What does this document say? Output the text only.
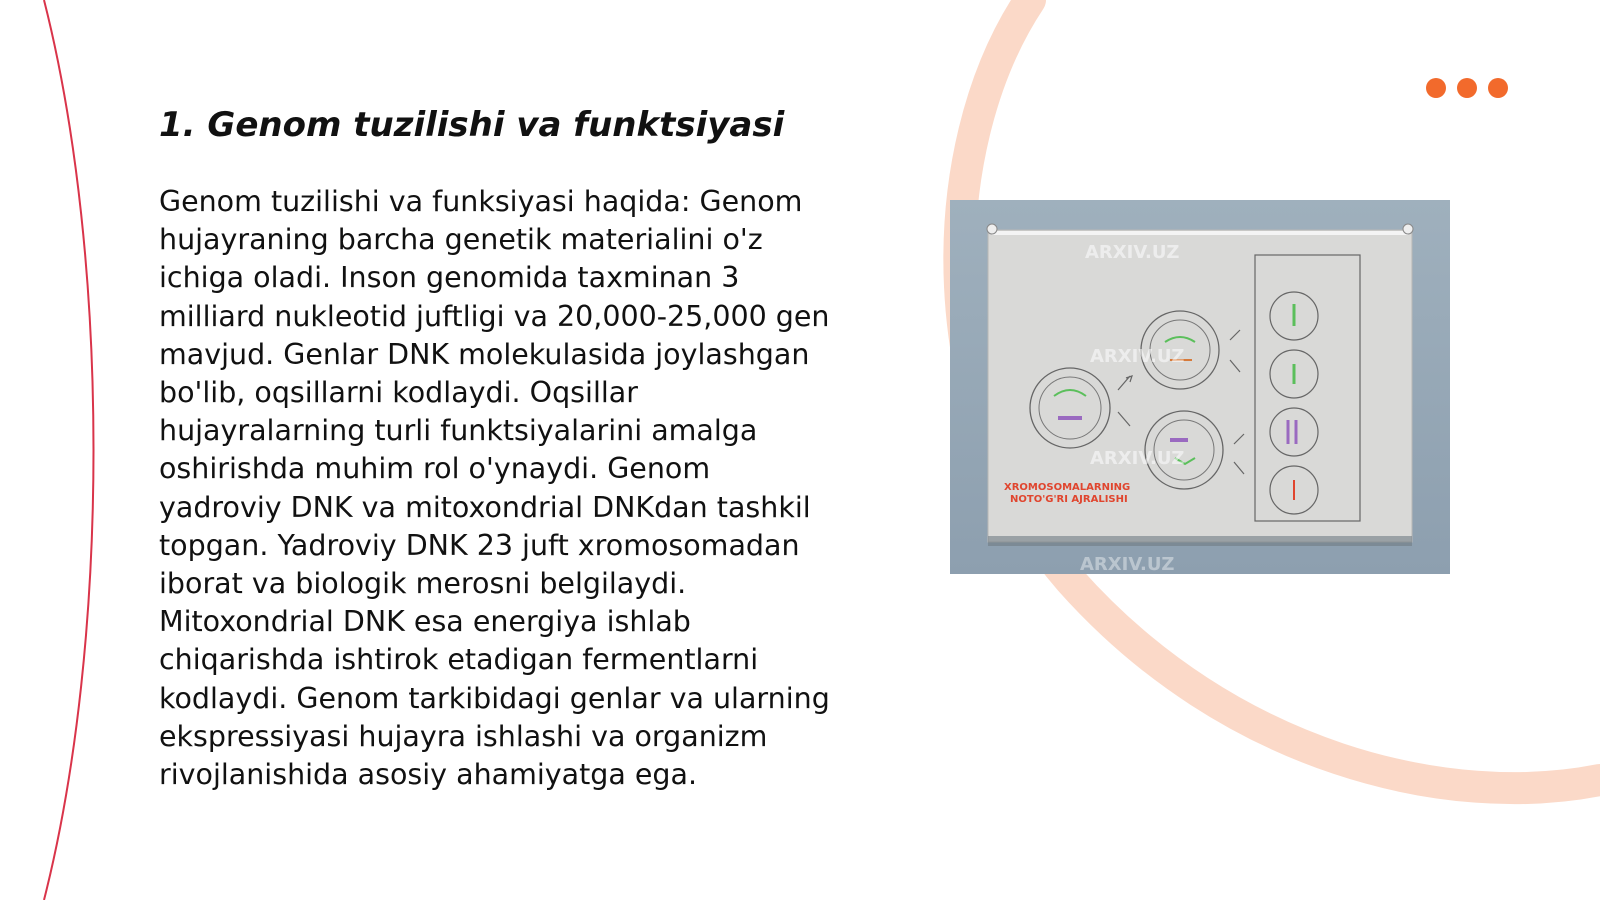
1. Genom tuzilishi va funktsiyasi

Genom tuzilishi va funksiyasi haqida: Genom hujayraning barcha genetik materialini o'z ichiga oladi. Inson genomida taxminan 3 milliard nukleotid juftligi va 20,000-25,000 gen mavjud. Genlar DNK molekulasida joylashgan bo'lib, oqsillarni kodlaydi. Oqsillar hujayralarning turli funktsiyalarini amalga oshirishda muhim rol o'ynaydi. Genom yadroviy DNK va mitoxondrial DNKdan tashkil topgan. Yadroviy DNK 23 juft xromosomadan iborat va biologik merosni belgilaydi. Mitoxondrial DNK esa energiya ishlab chiqarishda ishtirok etadigan fermentlarni kodlaydi. Genom tarkibidagi genlar va ularning ekspressiyasi hujayra ishlashi va organizm rivojlanishida asosiy ahamiyatga ega.

ARXIV.UZ
ARXIV.UZ
ARXIV.UZ
ARXIV.UZ
XROMOSOMALARNING
NOTO'G'RI AJRALISHI
